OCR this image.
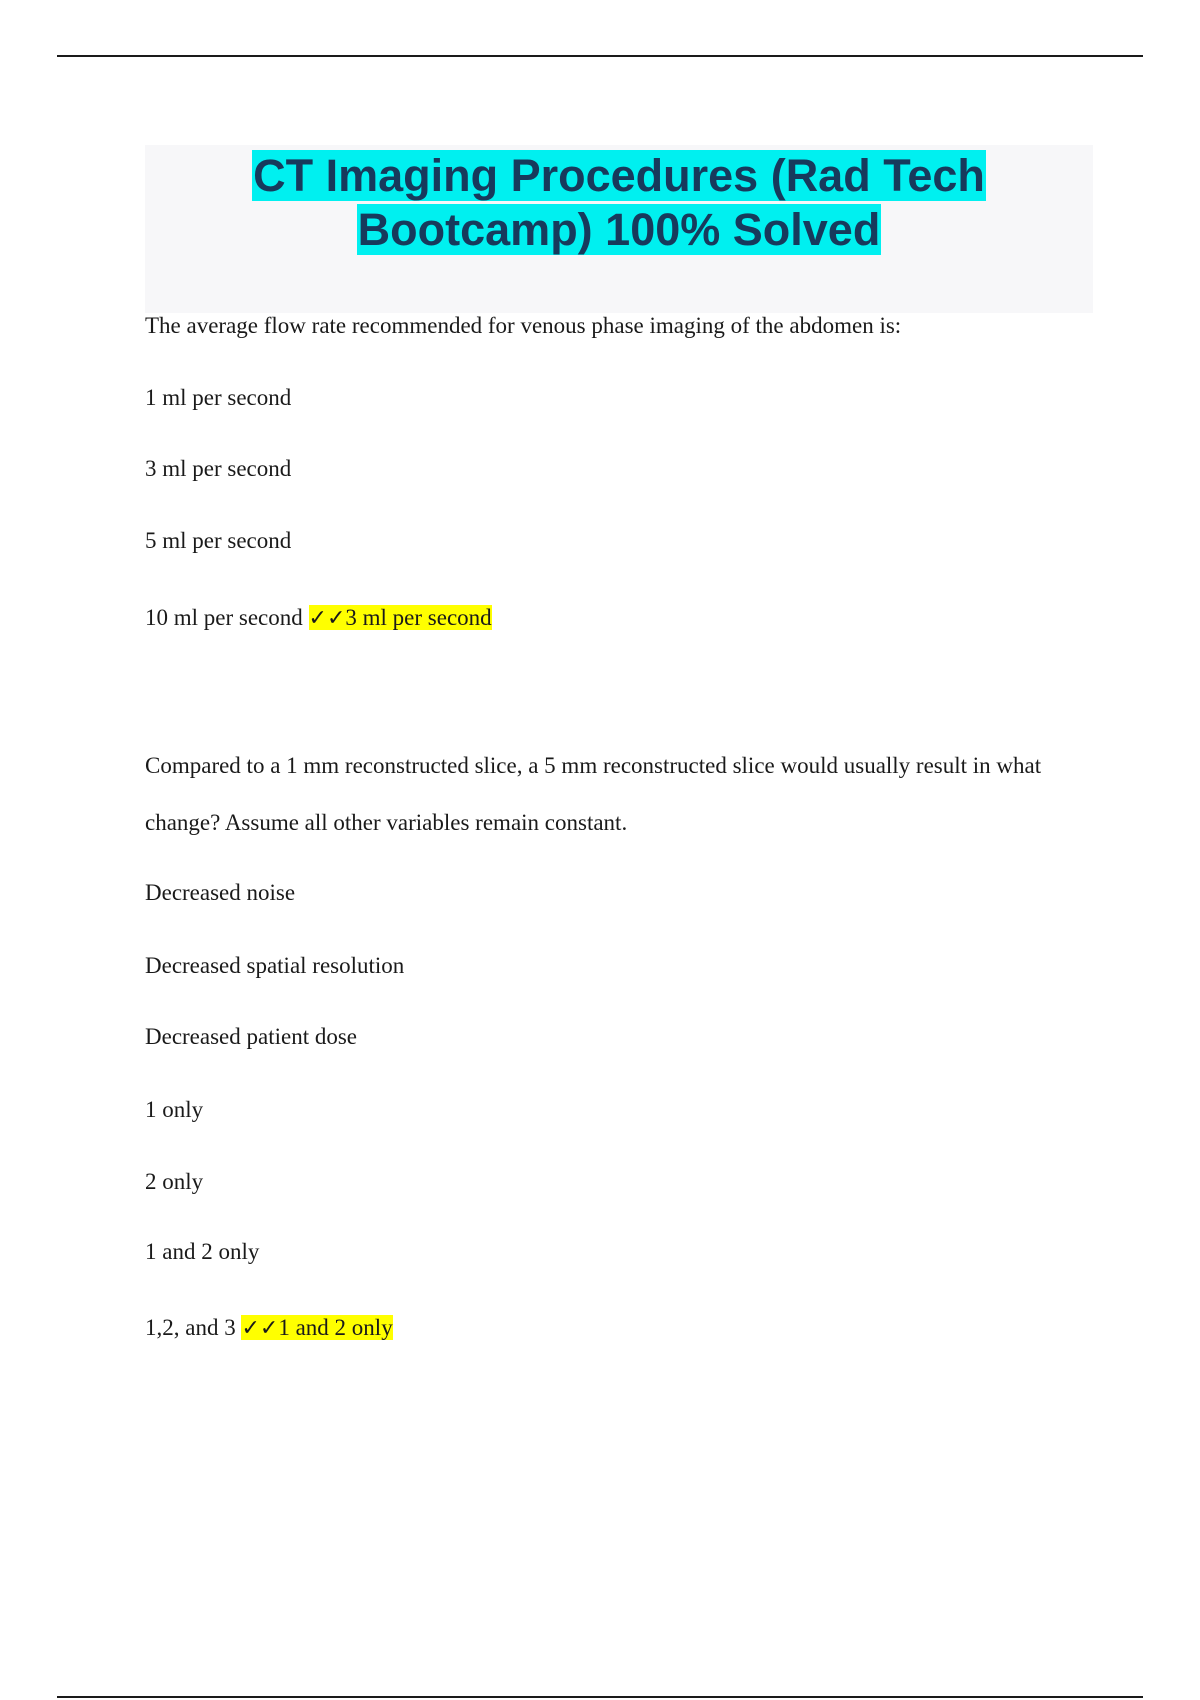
CT Imaging Procedures (Rad Tech
Bootcamp) 100% Solved
The average flow rate recommended for venous phase imaging of the abdomen is:
1 ml per second
3 ml per second
5 ml per second
10 ml per second ✓✓3 ml per second
Compared to a 1 mm reconstructed slice, a 5 mm reconstructed slice would usually result in what
change? Assume all other variables remain constant.
Decreased noise
Decreased spatial resolution
Decreased patient dose
1 only
2 only
1 and 2 only
1,2, and 3 ✓✓1 and 2 only
